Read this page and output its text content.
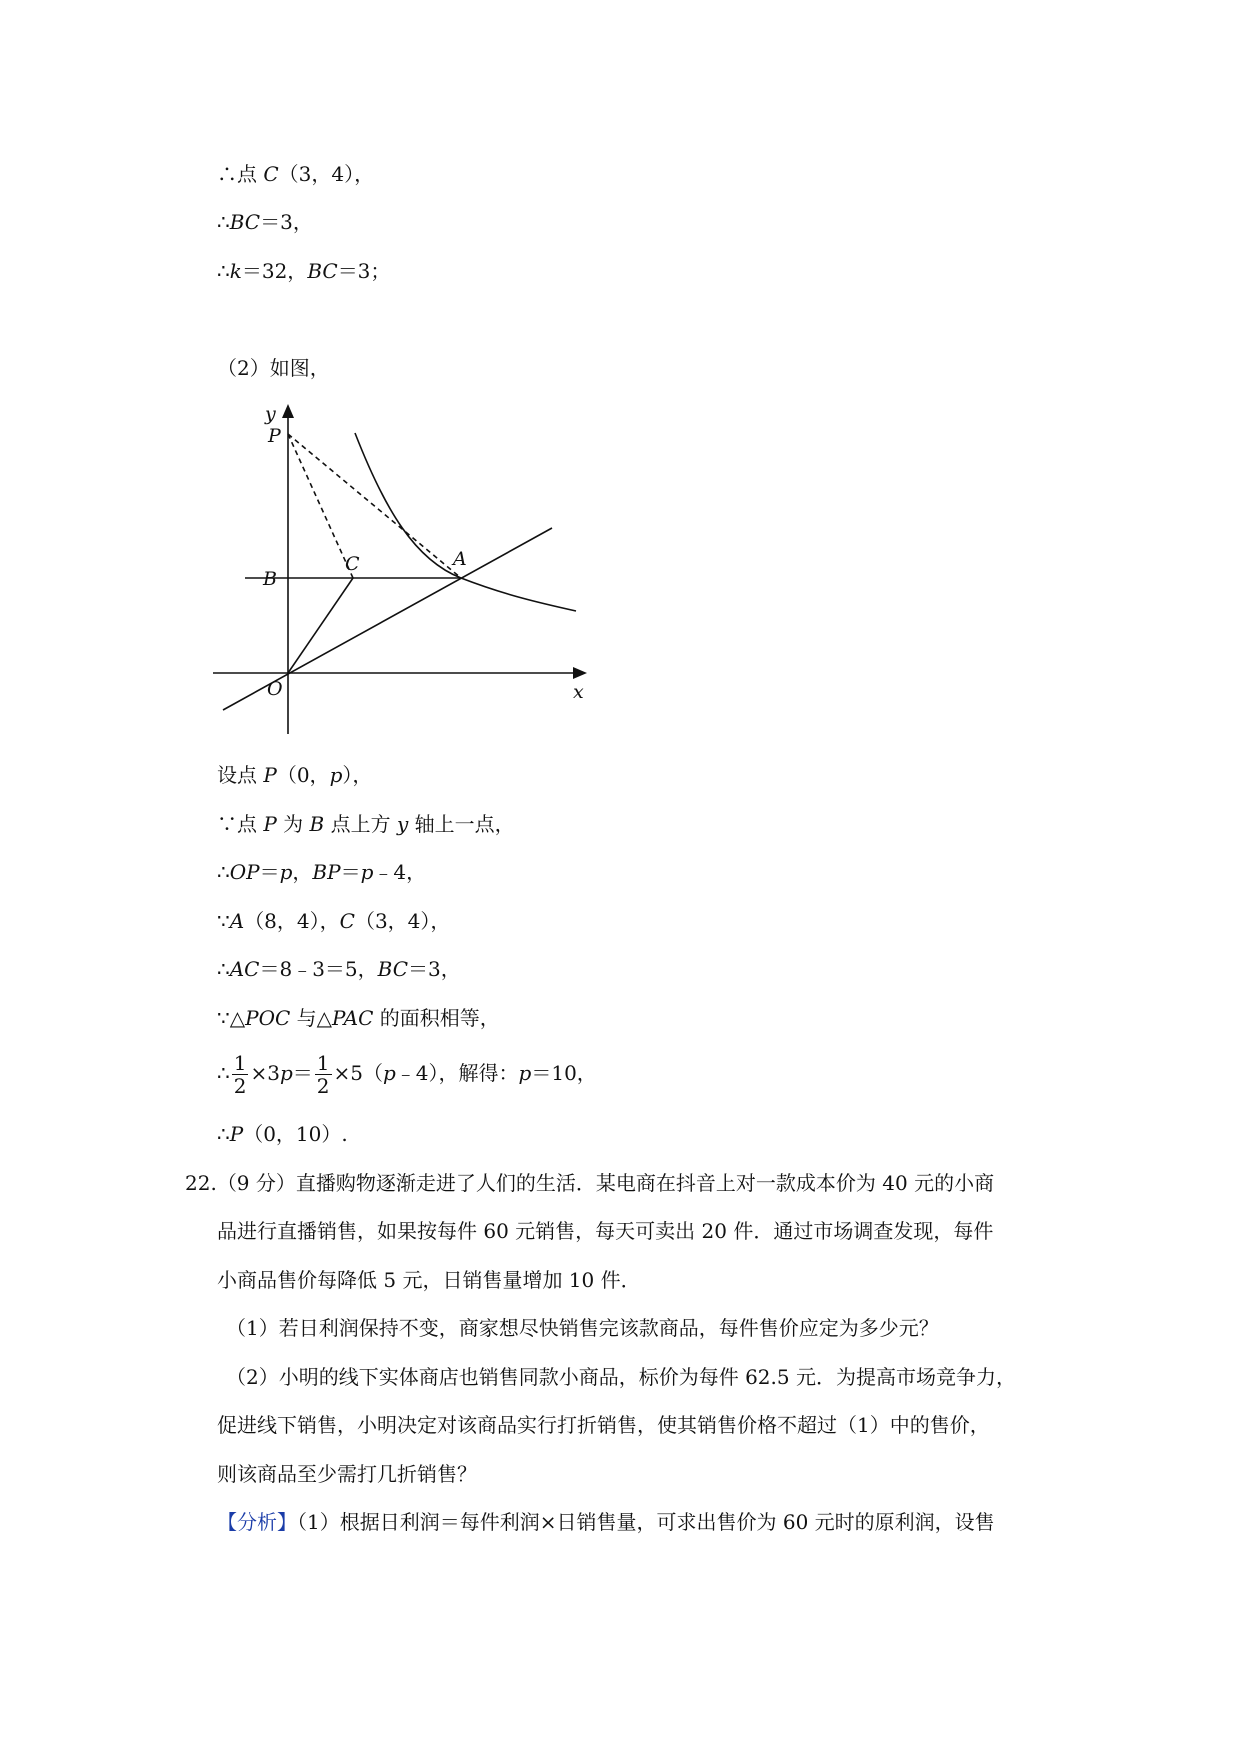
∴点 C（3，4），
∴BC＝3，
∴k＝32，BC＝3；
（2）如图，
y
P
B
C	A
O	x
设点 P（0，p），
∵点 P 为 B 点上方 y 轴上一点，
∴OP＝p，BP＝p﹣4，
∵A（8，4），C（3，4），
∴AC＝8﹣3＝5，BC＝3，
∵△POC 与△PAC 的面积相等，
∴ $\frac{1}{2} \times 3p= \frac{1}{2}$ ×5（p﹣4），解得：p＝10，
∴P（0，10）.
22.（9 分）直播购物逐渐走进了人们的生活．某电商在抖音上对一款成本价为 40 元的小商
品进行直播销售，如果按每件 60 元销售，每天可卖出 20 件．通过市场调查发现，每件
小商品售价每降低 5 元，日销售量增加 10 件．
（1）若日利润保持不变，商家想尽快销售完该款商品，每件售价应定为多少元？
（2）小明的线下实体商店也销售同款小商品，标价为每件 62.5 元．为提高市场竞争力，
促进线下销售，小明决定对该商品实行打折销售，使其销售价格不超过（1）中的售价，
则该商品至少需打几折销售？
【分析】（1）根据日利润＝每件利润×日销售量，可求出售价为 60 元时的原利润，设售
